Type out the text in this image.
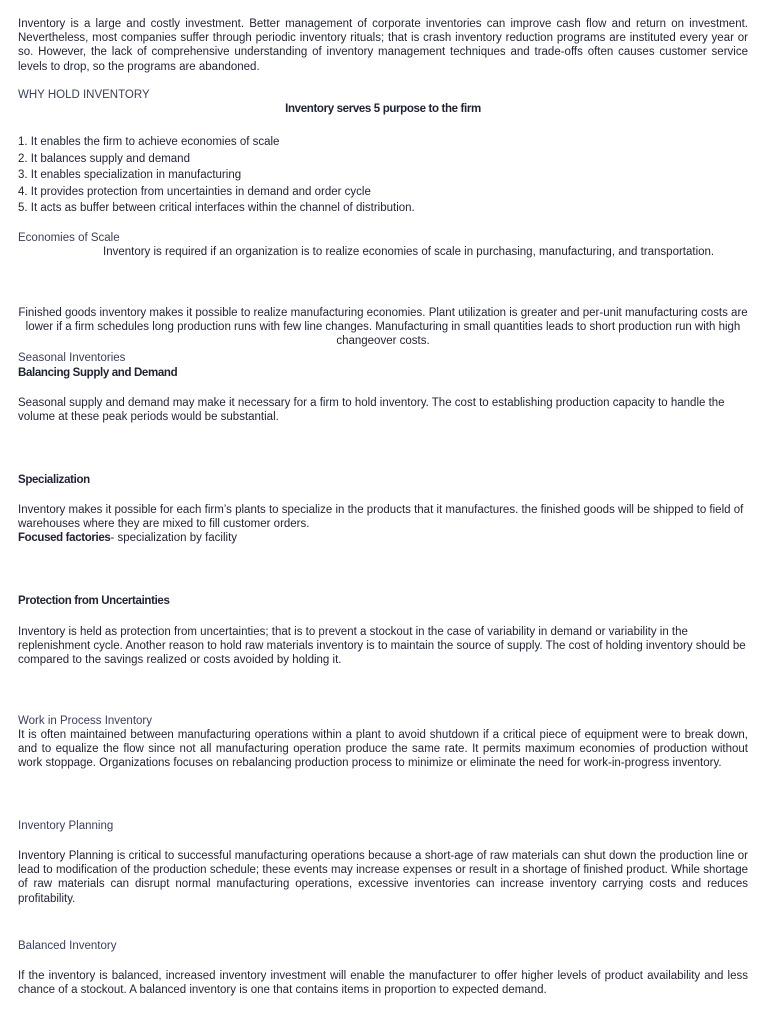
Inventory is a large and costly investment. Better management of corporate inventories can improve cash flow and return on investment. Nevertheless, most companies suffer through periodic inventory rituals; that is crash inventory reduction programs are instituted every year or so. However, the lack of comprehensive understanding of inventory management techniques and trade-offs often causes customer service levels to drop, so the programs are abandoned.

WHY HOLD INVENTORY
Inventory serves 5 purpose to the firm
1. It enables the firm to achieve economies of scale
2. It balances supply and demand
3. It enables specialization in manufacturing
4. It provides protection from uncertainties in demand and order cycle
5. It acts as buffer between critical interfaces within the channel of distribution.
Economies of Scale
Inventory is required if an organization is to realize economies of scale in purchasing, manufacturing, and transportation.

Finished goods inventory makes it possible to realize manufacturing economies. Plant utilization is greater and per-unit manufacturing costs are lower if a firm schedules long production runs with few line changes. Manufacturing in small quantities leads to short production run with high changeover costs.

Seasonal Inventories
Balancing Supply and Demand

Seasonal supply and demand may make it necessary for a firm to hold inventory. The cost to establishing production capacity to handle the volume at these peak periods would be substantial.

Specialization

Inventory makes it possible for each firm’s plants to specialize in the products that it manufactures. the finished goods will be shipped to field of warehouses where they are mixed to fill customer orders.

Focused factories- specialization by facility
Protection from Uncertainties

Inventory is held as protection from uncertainties; that is to prevent a stockout in the case of variability in demand or variability in the replenishment cycle. Another reason to hold raw materials inventory is to maintain the source of supply. The cost of holding inventory should be compared to the savings realized or costs avoided by holding it.

Work in Process Inventory

It is often maintained between manufacturing operations within a plant to avoid shutdown if a critical piece of equipment were to break down, and to equalize the flow since not all manufacturing operation produce the same rate. It permits maximum economies of production without work stoppage. Organizations focuses on rebalancing production process to minimize or eliminate the need for work-in-progress inventory.

Inventory Planning

Inventory Planning is critical to successful manufacturing operations because a short-age of raw materials can shut down the production line or lead to modification of the production schedule; these events may increase expenses or result in a shortage of finished product. While shortage of raw materials can disrupt normal manufacturing operations, excessive inventories can increase inventory carrying costs and reduces profitability.

Balanced Inventory

If the inventory is balanced, increased inventory investment will enable the manufacturer to offer higher levels of product availability and less chance of a stockout. A balanced inventory is one that contains items in proportion to expected demand.
